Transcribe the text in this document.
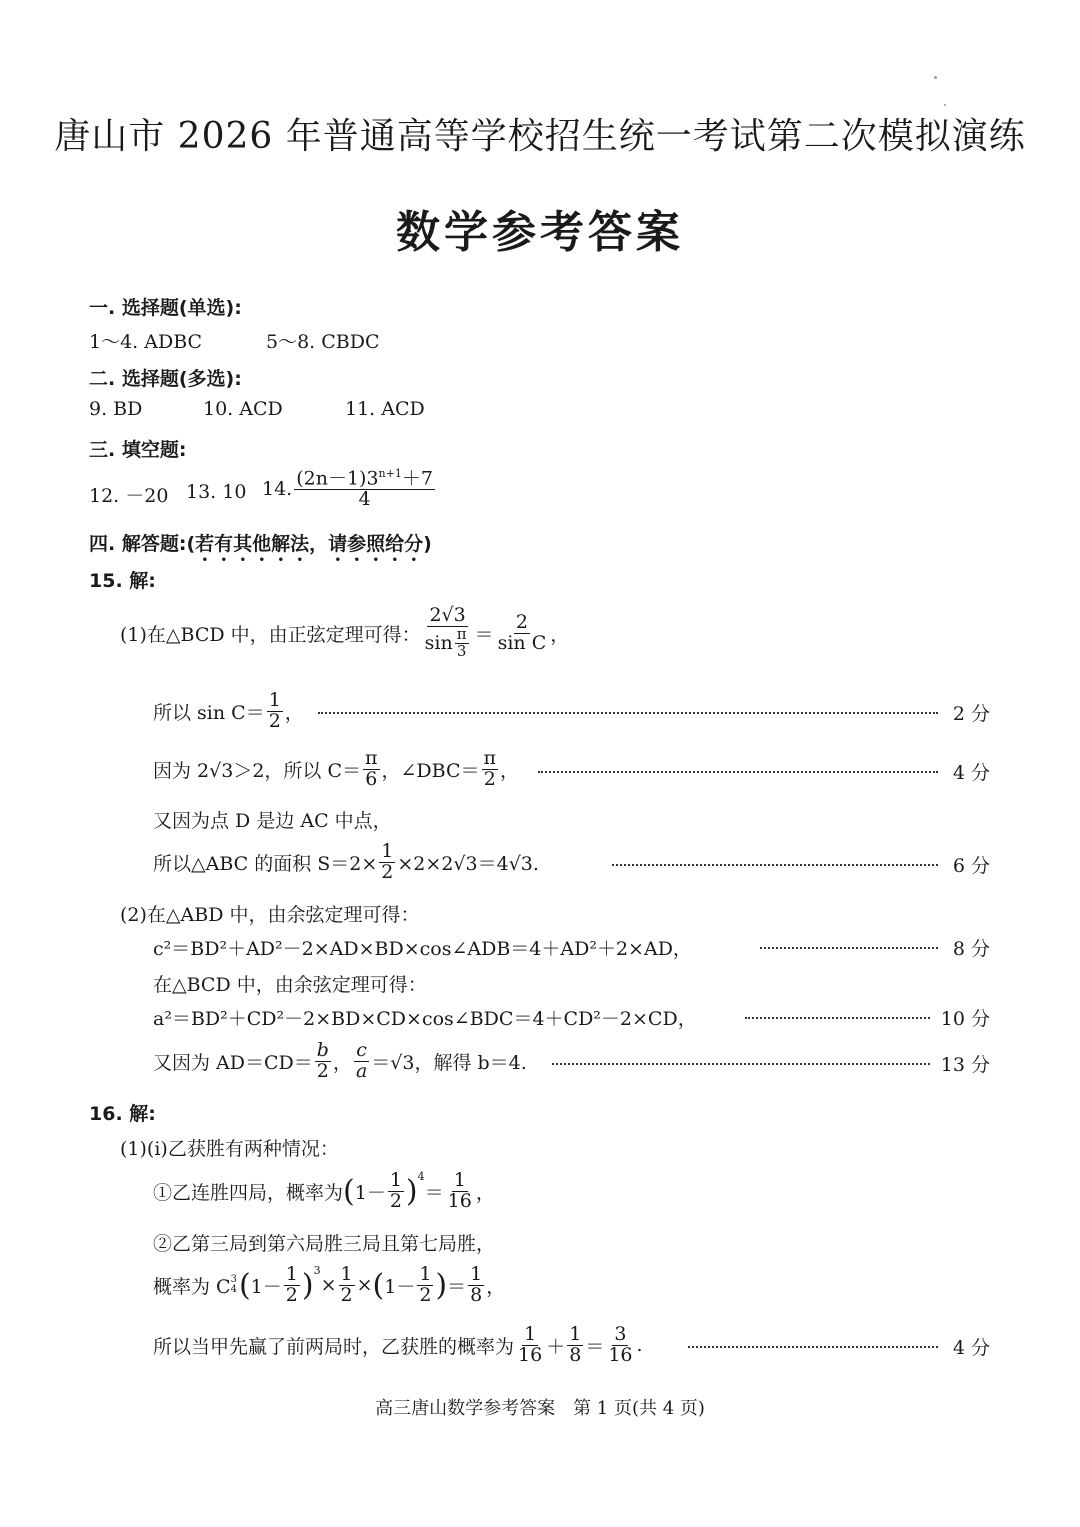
唐山市 2026 年普通高等学校招生统一考试第二次模拟演练
数学参考答案
一. 选择题(单选):
1～4. ADBC	5～8. CBDC
二. 选择题(多选):
9. BD	10. ACD	11. ACD
三. 填空题:
12. －20 13. 10 14. $\frac{(2n-1)3^{n+1}+7}{4}$
四. 解答题:(若有其他解法，请参照给分)
15. 解:
(1)在△BCD 中，由正弦定理可得： $\frac{2√3}{\sin \frac{\pi}{3}} = \frac{2}{\text{sin C}}$ ，
所以 $\sin C= \frac{1}{2}$ ，	2 分
因为 2√3＞2，所以 $C= \frac{\pi}{6}$ ，∠DBC＝ $\frac{\pi}{2}$ ，	4 分
又因为点 D 是边 AC 中点，
所以△ABC 的面积 $S=2\times \frac{1}{2} \times 2\times 2√3=4√3$.	6 分
(2)在△ABD 中，由余弦定理可得：
c²＝BD²＋AD²－2×AD×BD×cos∠ADB＝4＋AD²＋2×AD，	8 分
在△BCD 中，由余弦定理可得：
a²＝BD²＋CD²－2×BD×CD×cos∠BDC＝4＋CD²－2×CD，	10 分
又因为 $AD=CD= \frac{b}{2}$ ， $\frac{c}{a} =√3$，解得 b＝4.	13 分
16. 解:
(1)(i)乙获胜有两种情况：
①乙连胜四局，概率为 ( $1- \frac{1}{2} )^4$
＝ $\frac{1}{16}$ ，
②乙第三局到第六局胜三局且第七局胜，
概率为 C 3
4 ( $1- \frac{1}{2} )^3$
× $\frac{1}{2}$ × ( $1- \frac{1}{2}$ ) ＝ $\frac{1}{8}$ ，
所以当甲先赢了前两局时，乙获胜的概率为 $\frac{1}{16} + \frac{1}{8} = \frac{3}{16}$ .	4 分
高三唐山数学参考答案　第 1 页(共 4 页)
